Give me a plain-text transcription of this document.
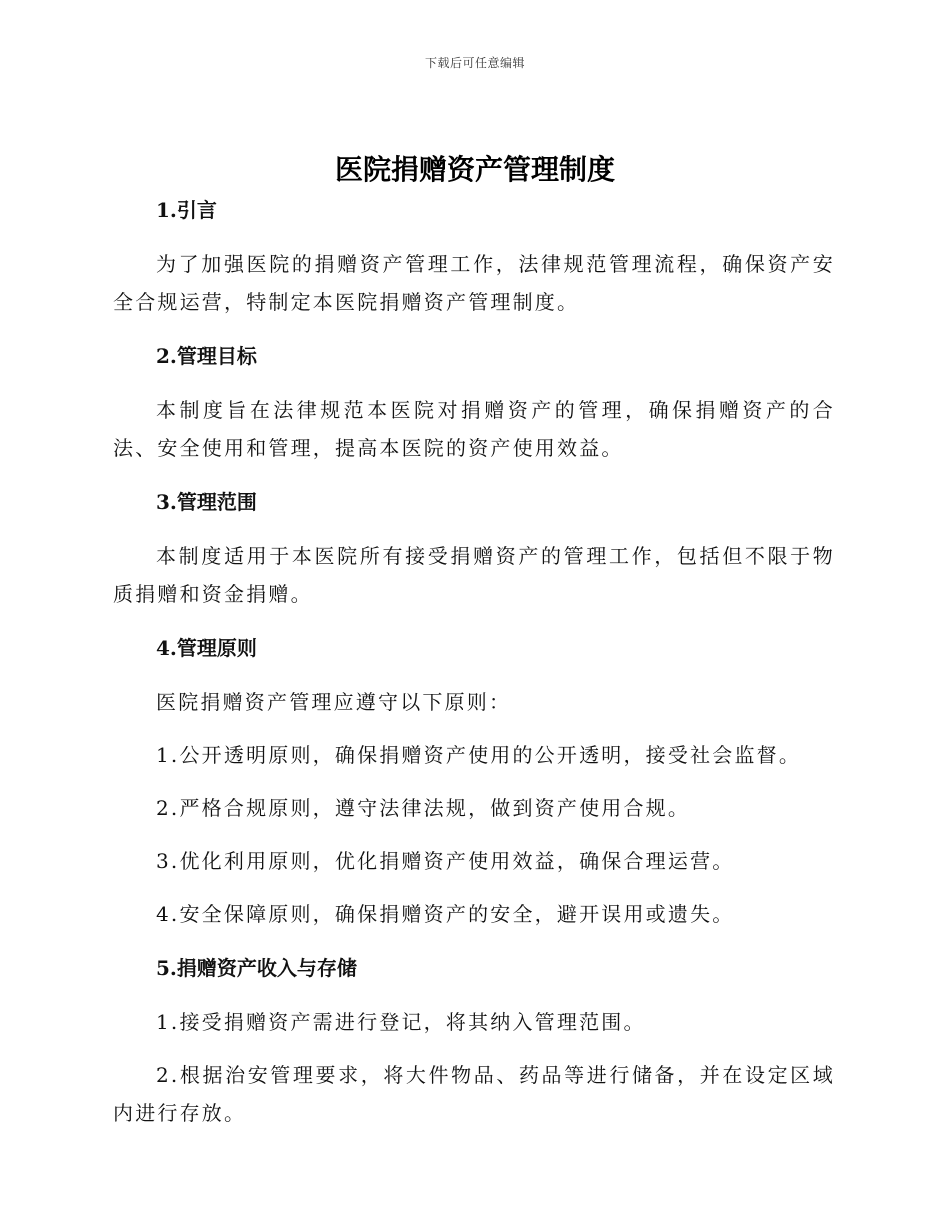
下载后可任意编辑
医院捐赠资产管理制度
1.引言

为了加强医院的捐赠资产管理工作，法律规范管理流程，确保资产安全合规运营，特制定本医院捐赠资产管理制度。

2.管理目标

本制度旨在法律规范本医院对捐赠资产的管理，确保捐赠资产的合法、安全使用和管理，提高本医院的资产使用效益。

3.管理范围

本制度适用于本医院所有接受捐赠资产的管理工作，包括但不限于物质捐赠和资金捐赠。

4.管理原则

医院捐赠资产管理应遵守以下原则：

1.公开透明原则，确保捐赠资产使用的公开透明，接受社会监督。

2.严格合规原则，遵守法律法规，做到资产使用合规。

3.优化利用原则，优化捐赠资产使用效益，确保合理运营。

4.安全保障原则，确保捐赠资产的安全，避开误用或遗失。

5.捐赠资产收入与存储

1.接受捐赠资产需进行登记，将其纳入管理范围。

2.根据治安管理要求，将大件物品、药品等进行储备，并在设定区域内进行存放。
